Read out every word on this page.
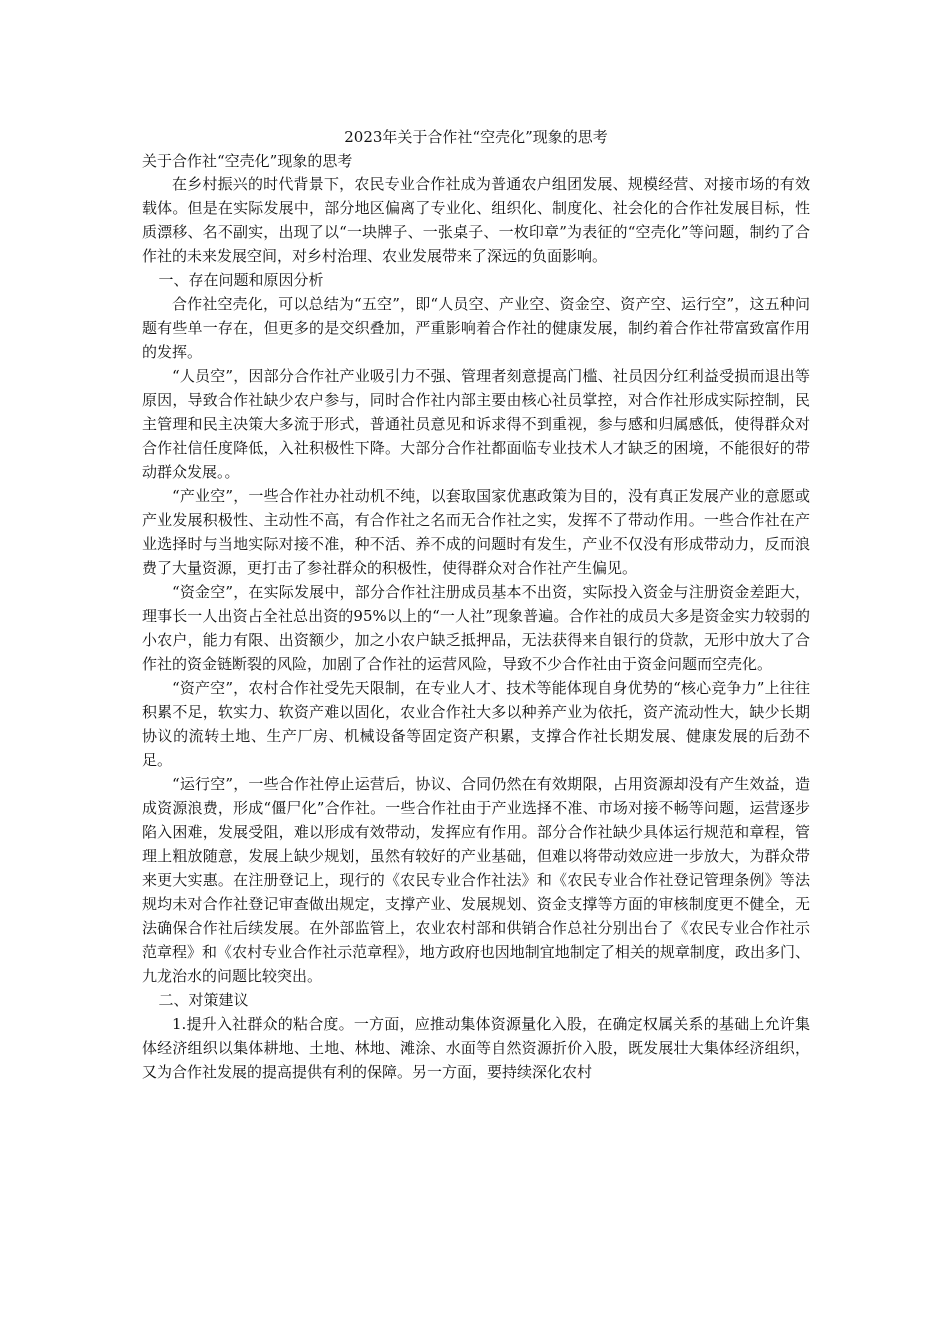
2023年关于合作社“空壳化”现象的思考
关于合作社“空壳化”现象的思考

在乡村振兴的时代背景下，农民专业合作社成为普通农户组团发展、规模经营、对接市场的有效载体。但是在实际发展中，部分地区偏离了专业化、组织化、制度化、社会化的合作社发展目标，性质漂移、名不副实，出现了以“一块牌子、一张桌子、一枚印章”为表征的“空壳化”等问题，制约了合作社的未来发展空间，对乡村治理、农业发展带来了深远的负面影响。

一、存在问题和原因分析

合作社空壳化，可以总结为“五空”，即“人员空、产业空、资金空、资产空、运行空”，这五种问题有些单一存在，但更多的是交织叠加，严重影响着合作社的健康发展，制约着合作社带富致富作用的发挥。

“人员空”，因部分合作社产业吸引力不强、管理者刻意提高门槛、社员因分红利益受损而退出等原因，导致合作社缺少农户参与，同时合作社内部主要由核心社员掌控，对合作社形成实际控制，民主管理和民主决策大多流于形式，普通社员意见和诉求得不到重视，参与感和归属感低，使得群众对合作社信任度降低，入社积极性下降。大部分合作社都面临专业技术人才缺乏的困境，不能很好的带动群众发展。。

“产业空”，一些合作社办社动机不纯，以套取国家优惠政策为目的，没有真正发展产业的意愿或产业发展积极性、主动性不高，有合作社之名而无合作社之实，发挥不了带动作用。一些合作社在产业选择时与当地实际对接不准，种不活、养不成的问题时有发生，产业不仅没有形成带动力，反而浪费了大量资源，更打击了参社群众的积极性，使得群众对合作社产生偏见。

“资金空”，在实际发展中，部分合作社注册成员基本不出资，实际投入资金与注册资金差距大，理事长一人出资占全社总出资的95%以上的“一人社”现象普遍。合作社的成员大多是资金实力较弱的小农户，能力有限、出资额少，加之小农户缺乏抵押品，无法获得来自银行的贷款，无形中放大了合作社的资金链断裂的风险，加剧了合作社的运营风险，导致不少合作社由于资金问题而空壳化。

“资产空”，农村合作社受先天限制，在专业人才、技术等能体现自身优势的“核心竞争力”上往往积累不足，软实力、软资产难以固化，农业合作社大多以种养产业为依托，资产流动性大，缺少长期协议的流转土地、生产厂房、机械设备等固定资产积累，支撑合作社长期发展、健康发展的后劲不足。

“运行空”，一些合作社停止运营后，协议、合同仍然在有效期限，占用资源却没有产生效益，造成资源浪费，形成“僵尸化”合作社。一些合作社由于产业选择不准、市场对接不畅等问题，运营逐步陷入困难，发展受阻，难以形成有效带动，发挥应有作用。部分合作社缺少具体运行规范和章程，管理上粗放随意，发展上缺少规划，虽然有较好的产业基础，但难以将带动效应进一步放大，为群众带来更大实惠。在注册登记上，现行的《农民专业合作社法》和《农民专业合作社登记管理条例》等法规均未对合作社登记审查做出规定，支撑产业、发展规划、资金支撑等方面的审核制度更不健全，无法确保合作社后续发展。在外部监管上，农业农村部和供销合作总社分别出台了《农民专业合作社示范章程》和《农村专业合作社示范章程》，地方政府也因地制宜地制定了相关的规章制度，政出多门、九龙治水的问题比较突出。

二、对策建议

1.提升入社群众的粘合度。一方面，应推动集体资源量化入股，在确定权属关系的基础上允许集体经济组织以集体耕地、土地、林地、滩涂、水面等自然资源折价入股，既发展壮大集体经济组织，又为合作社发展的提高提供有利的保障。另一方面，要持续深化农村
